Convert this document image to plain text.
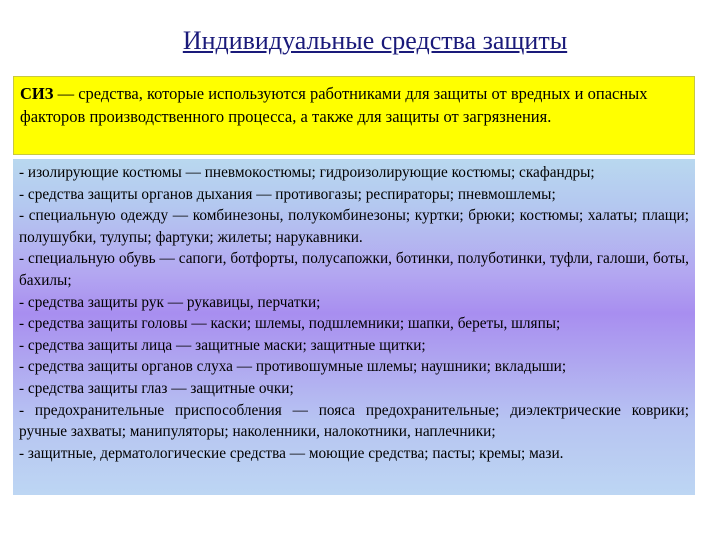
Индивидуальные средства защиты
СИЗ — средства, которые используются работниками для защиты от вредных и опасных факторов производственного процесса, а также для защиты от загрязнения.
- изолирующие костюмы — пневмокостюмы; гидроизолирующие костюмы; скафандры;
- средства защиты органов дыхания — противогазы; респираторы; пневмошлемы;
- специальную одежду — комбинезоны, полукомбинезоны; куртки; брюки; костюмы; халаты; плащи; полушубки, тулупы; фартуки; жилеты; нарукавники.
- специальную обувь — сапоги, ботфорты, полусапожки, ботинки, полуботинки, туфли, галоши, боты, бахилы;
- средства защиты рук — рукавицы, перчатки;
- средства защиты головы — каски; шлемы, подшлемники; шапки, береты, шляпы;
- средства защиты лица — защитные маски; защитные щитки;
- средства защиты органов слуха — противошумные шлемы; наушники; вкладыши;
- средства защиты глаз — защитные очки;
- предохранительные приспособления — пояса предохранительные; диэлектрические коврики; ручные захваты; манипуляторы; наколенники, налокотники, наплечники;
- защитные, дерматологические средства — моющие средства; пасты; кремы; мази.
